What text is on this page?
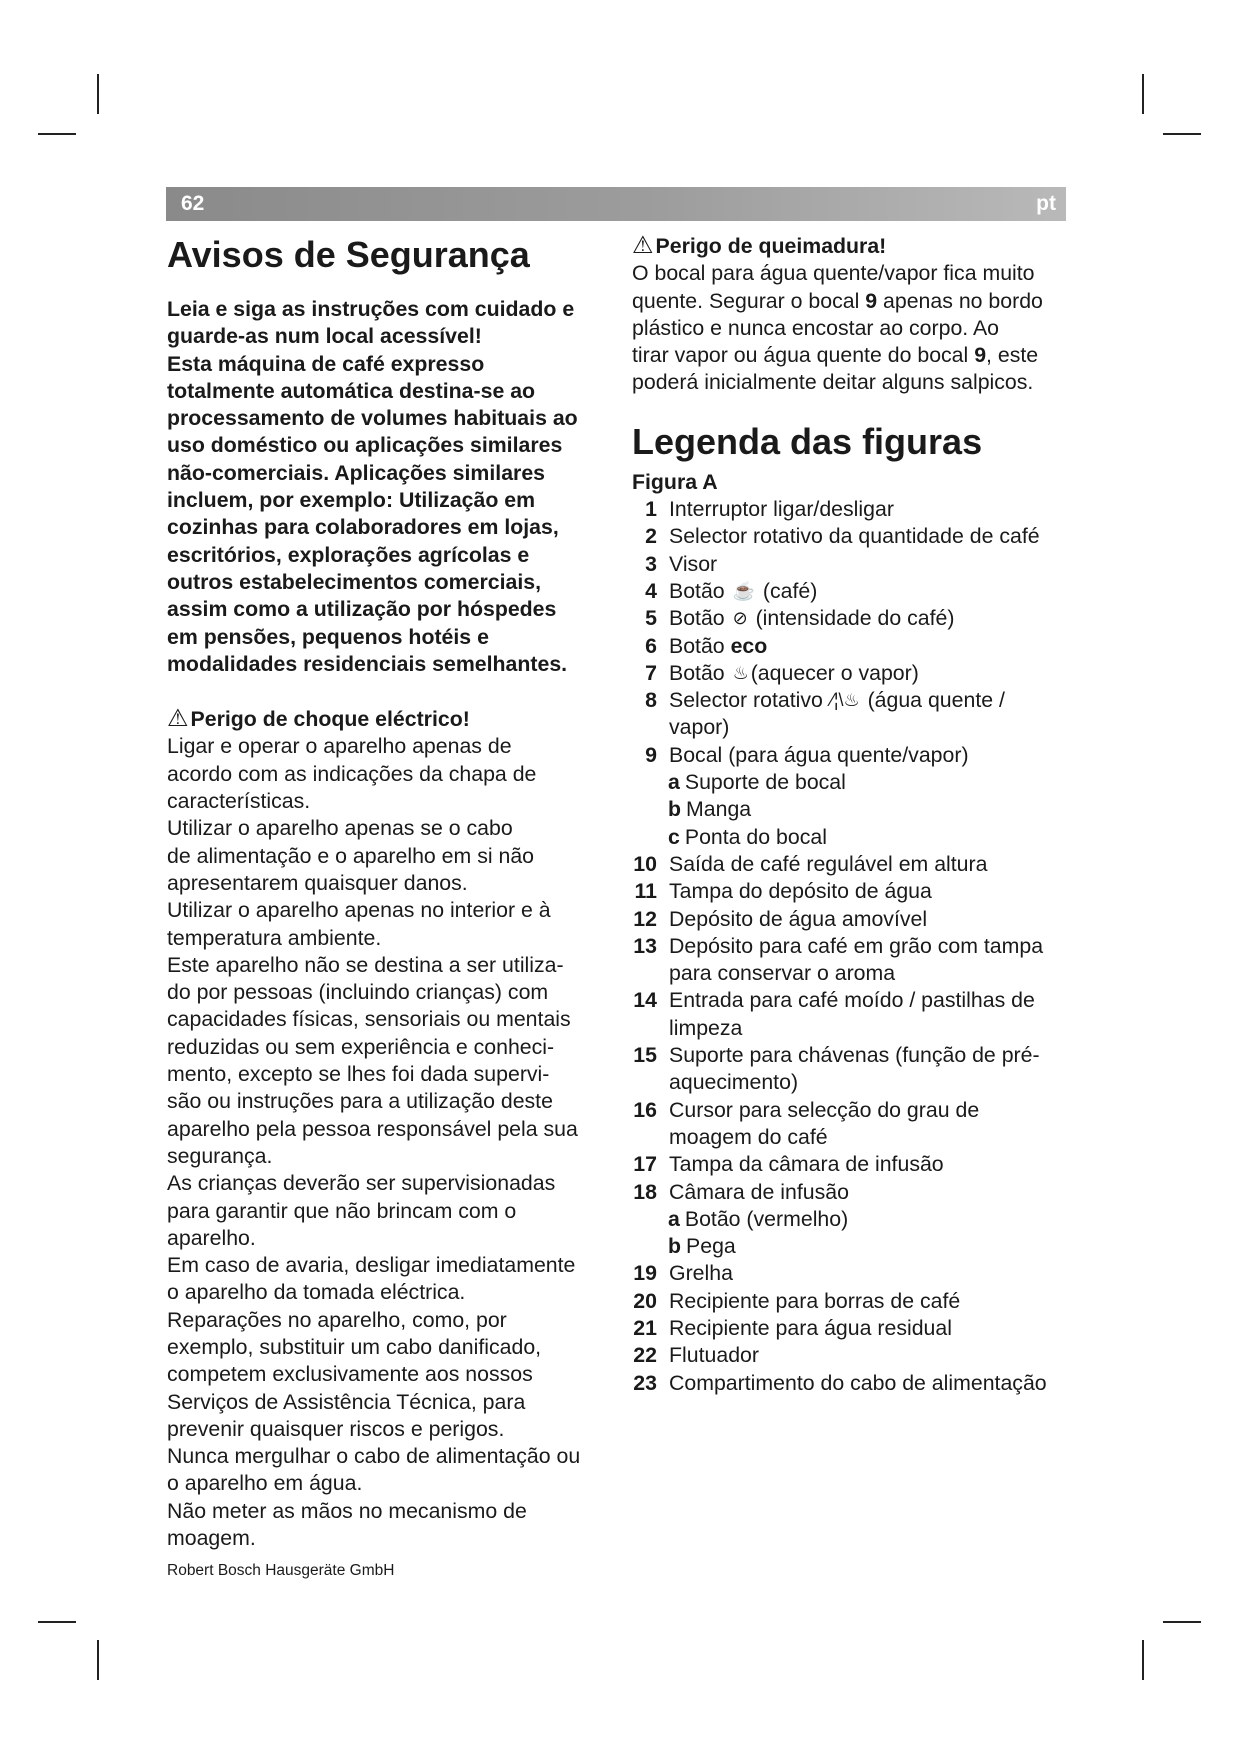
62	pt
Avisos de Segurança

Leia e siga as instruções com cuidado e

guarde-as num local acessível!

Esta máquina de café expresso

totalmente automática destina-se ao

processamento de volumes habituais ao

uso doméstico ou aplicações similares

não-comerciais. Aplicações similares

incluem, por exemplo: Utilização em

cozinhas para colaboradores em lojas,

escritórios, explorações agrícolas e

outros estabelecimentos comerciais,

assim como a utilização por hóspedes

em pensões, pequenos hotéis e

modalidades residenciais semelhantes.

⚠Perigo de choque eléctrico!

Ligar e operar o aparelho apenas de

acordo com as indicações da chapa de

características.

Utilizar o aparelho apenas se o cabo

de alimentação e o aparelho em si não

apresentarem quaisquer danos.

Utilizar o aparelho apenas no interior e à

temperatura ambiente.

Este aparelho não se destina a ser utiliza-

do por pessoas (incluindo crianças) com

capacidades físicas, sensoriais ou mentais

reduzidas ou sem experiência e conheci-

mento, excepto se lhes foi dada supervi-

são ou instruções para a utilização deste

aparelho pela pessoa responsável pela sua

segurança.

As crianças deverão ser supervisionadas

para garantir que não brincam com o

aparelho.

Em caso de avaria, desligar imediatamente

o aparelho da tomada eléctrica.

Reparações no aparelho, como, por

exemplo, substituir um cabo danificado,

competem exclusivamente aos nossos

Serviços de Assistência Técnica, para

prevenir quaisquer riscos e perigos.

Nunca mergulhar o cabo de alimentação ou

o aparelho em água.

Não meter as mãos no mecanismo de

moagem.

⚠Perigo de queimadura!

O bocal para água quente/vapor fica muito

quente. Segurar o bocal 9 apenas no bordo

plástico e nunca encostar ao corpo. Ao

tirar vapor ou água quente do bocal 9, este

poderá inicialmente deitar alguns salpicos.

Legenda das figuras

Figura A

1 Interruptor ligar/desligar
2 Selector rotativo da quantidade de café
3 Visor
4 Botão ☕ (café)
5 Botão ⊘ (intensidade do café)
6 Botão eco
7 Botão ♨(aquecer o vapor)
8 Selector rotativo ⁄¦\♨ (água quente /
vapor)
9 Bocal (para água quente/vapor)
a Suporte de bocal
b Manga
c Ponta do bocal
10 Saída de café regulável em altura
11 Tampa do depósito de água
12 Depósito de água amovível
13 Depósito para café em grão com tampa
para conservar o aroma
14 Entrada para café moído / pastilhas de
limpeza
15 Suporte para chávenas (função de pré-
aquecimento)
16 Cursor para selecção do grau de
moagem do café
17 Tampa da câmara de infusão
18 Câmara de infusão
a Botão (vermelho)
b Pega
19 Grelha
20 Recipiente para borras de café
21 Recipiente para água residual
22 Flutuador
23 Compartimento do cabo de alimentação
Robert Bosch Hausgeräte GmbH
